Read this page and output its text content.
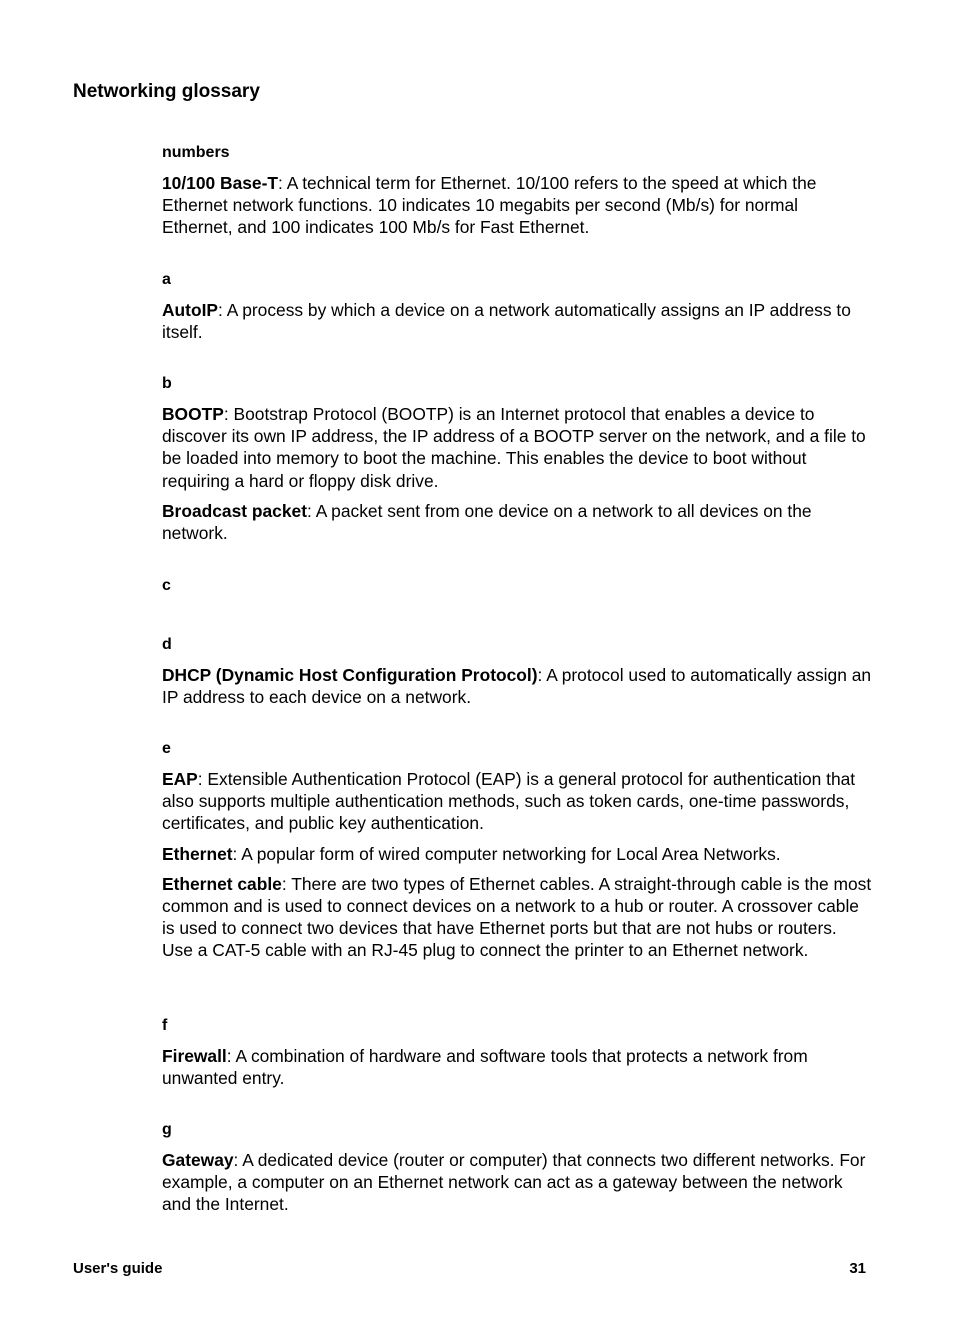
Networking glossary

numbers

10/100 Base-T: A technical term for Ethernet. 10/100 refers to the speed at which the Ethernet network functions. 10 indicates 10 megabits per second (Mb/s) for normal Ethernet, and 100 indicates 100 Mb/s for Fast Ethernet.

a

AutoIP: A process by which a device on a network automatically assigns an IP address to itself.

b

BOOTP: Bootstrap Protocol (BOOTP) is an Internet protocol that enables a device to discover its own IP address, the IP address of a BOOTP server on the network, and a file to be loaded into memory to boot the machine. This enables the device to boot without requiring a hard or floppy disk drive.

Broadcast packet: A packet sent from one device on a network to all devices on the network.

c

d

DHCP (Dynamic Host Configuration Protocol): A protocol used to automatically assign an IP address to each device on a network.

e

EAP: Extensible Authentication Protocol (EAP) is a general protocol for authentication that also supports multiple authentication methods, such as token cards, one-time passwords, certificates, and public key authentication.

Ethernet: A popular form of wired computer networking for Local Area Networks.

Ethernet cable: There are two types of Ethernet cables. A straight-through cable is the most common and is used to connect devices on a network to a hub or router. A crossover cable is used to connect two devices that have Ethernet ports but that are not hubs or routers. Use a CAT-5 cable with an RJ-45 plug to connect the printer to an Ethernet network.

f

Firewall: A combination of hardware and software tools that protects a network from unwanted entry.

g

Gateway: A dedicated device (router or computer) that connects two different networks. For example, a computer on an Ethernet network can act as a gateway between the network and the Internet.

User's guide	31
